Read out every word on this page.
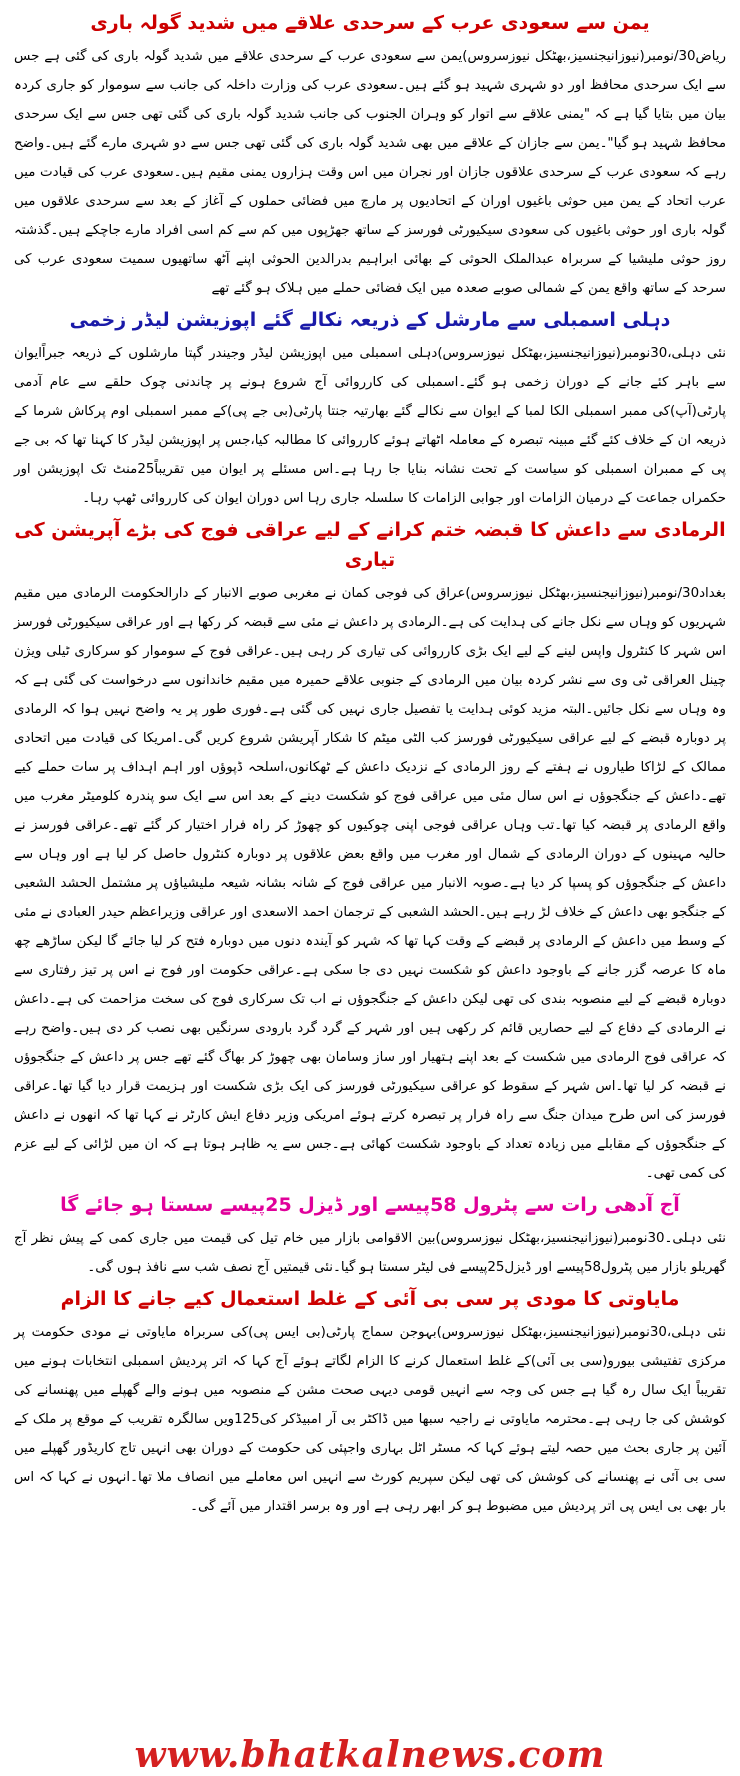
یمن سے سعودی عرب کے سرحدی علاقے میں شدید گولہ باری

ریاض30/نومبر(نیوزانیجنسیز،بھٹکل نیوزسروس)یمن سے سعودی عرب کے سرحدی علاقے میں شدید گولہ باری کی گئی ہے جس سے ایک سرحدی محافظ اور دو شہری شہید ہو گئے ہیں۔سعودی عرب کی وزارت داخلہ کی جانب سے سوموار کو جاری کردہ بیان میں بتایا گیا ہے کہ "یمنی علاقے سے اتوار کو وہران الجنوب کی جانب شدید گولہ باری کی گئی تھی جس سے ایک سرحدی محافظ شہید ہو گیا"۔یمن سے جازان کے علاقے میں بھی شدید گولہ باری کی گئی تھی جس سے دو شہری مارے گئے ہیں۔واضح رہے کہ سعودی عرب کے سرحدی علاقوں جازان اور نجران میں اس وقت ہزاروں یمنی مقیم ہیں۔سعودی عرب کی قیادت میں عرب اتحاد کے یمن میں حوثی باغیوں اوران کے اتحادیوں پر مارچ میں فضائی حملوں کے آغاز کے بعد سے سرحدی علاقوں میں گولہ باری اور حوثی باغیوں کی سعودی سیکیورٹی فورسز کے ساتھ جھڑپوں میں کم سے کم اسی افراد مارے جاچکے ہیں۔گذشتہ روز حوثی ملیشیا کے سربراہ عبدالملک الحوثی کے بھائی ابراہیم بدرالدین الحوثی اپنے آٹھ ساتھیوں سمیت سعودی عرب کی سرحد کے ساتھ واقع یمن کے شمالی صوبے صعدہ میں ایک فضائی حملے میں ہلاک ہو گئے تھے

دہلی اسمبلی سے مارشل کے ذریعہ نکالے گئے اپوزیشن لیڈر زخمی

نئی دہلی،30نومبر(نیوزانیجنسیز،بھٹکل نیوزسروس)دہلی اسمبلی میں اپوزیشن لیڈر وجیندر گپتا مارشلوں کے ذریعہ جبراًایوان سے باہر کئے جانے کے دوران زخمی ہو گئے۔اسمبلی کی کارروائی آج شروع ہونے پر چاندنی چوک حلقے سے عام آدمی پارٹی(آپ)کی ممبر اسمبلی الکا لمبا کے ایوان سے نکالے گئے بھارتیہ جنتا پارٹی(بی جے پی)کے ممبر اسمبلی اوم پرکاش شرما کے ذریعہ ان کے خلاف کئے گئے مبینہ تبصرہ کے معاملہ اٹھاتے ہوئے کارروائی کا مطالبہ کیا،جس پر اپوزیشن لیڈر کا کہنا تھا کہ بی جے پی کے ممبران اسمبلی کو سیاست کے تحت نشانہ بنایا جا رہا ہے۔اس مسئلے پر ایوان میں تقریباً25منٹ تک اپوزیشن اور حکمراں جماعت کے درمیان الزامات اور جوابی الزامات کا سلسلہ جاری رہا اس دوران ایوان کی کارروائی ٹھپ رہا۔

الرمادی سے داعش کا قبضہ ختم کرانے کے لیے عراقی فوج کی بڑے آپریشن کی تیاری

بغداد30/نومبر(نیوزانیجنسیز،بھٹکل نیوزسروس)عراق کی فوجی کمان نے مغربی صوبے الانبار کے دارالحکومت الرمادی میں مقیم شہریوں کو وہاں سے نکل جانے کی ہدایت کی ہے۔الرمادی پر داعش نے مئی سے قبضہ کر رکھا ہے اور عراقی سیکیورٹی فورسز اس شہر کا کنٹرول واپس لینے کے لیے ایک بڑی کارروائی کی تیاری کر رہی ہیں۔عراقی فوج کے سوموار کو سرکاری ٹیلی ویژن چینل العراقی ٹی وی سے نشر کردہ بیان میں الرمادی کے جنوبی علاقے حمیرہ میں مقیم خاندانوں سے درخواست کی گئی ہے کہ وہ وہاں سے نکل جائیں۔البتہ مزید کوئی ہدایت یا تفصیل جاری نہیں کی گئی ہے۔فوری طور پر یہ واضح نہیں ہوا کہ الرمادی پر دوبارہ قبضے کے لیے عراقی سیکیورٹی فورسز کب الٹی میٹم کا شکار آپریشن شروع کریں گی۔امریکا کی قیادت میں اتحادی ممالک کے لڑاکا طیاروں نے ہفتے کے روز الرمادی کے نزدیک داعش کے ٹھکانوں،اسلحہ ڈپوؤں اور اہم اہداف پر سات حملے کیے تھے۔داعش کے جنگجوؤں نے اس سال مئی میں عراقی فوج کو شکست دینے کے بعد اس سے ایک سو پندرہ کلومیٹر مغرب میں واقع الرمادی پر قبضہ کیا تھا۔تب وہاں عراقی فوجی اپنی چوکیوں کو چھوڑ کر راہ فرار اختیار کر گئے تھے۔عراقی فورسز نے حالیہ مہینوں کے دوران الرمادی کے شمال اور مغرب میں واقع بعض علاقوں پر دوبارہ کنٹرول حاصل کر لیا ہے اور وہاں سے داعش کے جنگجوؤں کو پسپا کر دیا ہے۔صوبہ الانبار میں عراقی فوج کے شانہ بشانہ شیعہ ملیشیاؤں پر مشتمل الحشد الشعبی کے جنگجو بھی داعش کے خلاف لڑ رہے ہیں۔الحشد الشعبی کے ترجمان احمد الاسعدی اور عراقی وزیراعظم حیدر العبادی نے مئی کے وسط میں داعش کے الرمادی پر قبضے کے وقت کہا تھا کہ شہر کو آیندہ دنوں میں دوبارہ فتح کر لیا جائے گا لیکن ساڑھے چھ ماہ کا عرصہ گزر جانے کے باوجود داعش کو شکست نہیں دی جا سکی ہے۔عراقی حکومت اور فوج نے اس پر تیز رفتاری سے دوبارہ قبضے کے لیے منصوبہ بندی کی تھی لیکن داعش کے جنگجوؤں نے اب تک سرکاری فوج کی سخت مزاحمت کی ہے۔داعش نے الرمادی کے دفاع کے لیے حصاریں قائم کر رکھی ہیں اور شہر کے گرد گرد بارودی سرنگیں بھی نصب کر دی ہیں۔واضح رہے کہ عراقی فوج الرمادی میں شکست کے بعد اپنے ہتھیار اور ساز وسامان بھی چھوڑ کر بھاگ گئے تھے جس پر داعش کے جنگجوؤں نے قبضہ کر لیا تھا۔اس شہر کے سقوط کو عراقی سیکیورٹی فورسز کی ایک بڑی شکست اور ہزیمت قرار دیا گیا تھا۔عراقی فورسز کی اس طرح میدان جنگ سے راہ فرار پر تبصرہ کرتے ہوئے امریکی وزیر دفاع ایش کارٹر نے کہا تھا کہ انھوں نے داعش کے جنگجوؤں کے مقابلے میں زیادہ تعداد کے باوجود شکست کھائی ہے۔جس سے یہ ظاہر ہوتا ہے کہ ان میں لڑائی کے لیے عزم کی کمی تھی۔

آج آدھی رات سے پٹرول 58پیسے اور ڈیزل 25پیسے سستا ہو جائے گا

نئی دہلی۔30نومبر(نیوزانیجنسیز،بھٹکل نیوزسروس)بین الاقوامی بازار میں خام تیل کی قیمت میں جاری کمی کے پیش نظر آج گھریلو بازار میں پٹرول58پیسے اور ڈیزل25پیسے فی لیٹر سستا ہو گیا۔نئی قیمتیں آج نصف شب سے نافذ ہوں گی۔

مایاوتی کا مودی پر سی بی آئی کے غلط استعمال کیے جانے کا الزام

نئی دہلی،30نومبر(نیوزانیجنسیز،بھٹکل نیوزسروس)بہوجن سماج پارٹی(بی ایس پی)کی سربراہ مایاوتی نے مودی حکومت پر مرکزی تفتیشی بیورو(سی بی آئی)کے غلط استعمال کرنے کا الزام لگاتے ہوئے آج کہا کہ اتر پردیش اسمبلی انتخابات ہونے میں تقریباً ایک سال رہ گیا ہے جس کی وجہ سے انہیں قومی دیہی صحت مشن کے منصوبہ میں ہونے والے گھپلے میں پھنسانے کی کوشش کی جا رہی ہے۔محترمہ مایاوتی نے راجیہ سبھا میں ڈاکٹر بی آر امبیڈکر کی125ویں سالگرہ تقریب کے موقع پر ملک کے آئین پر جاری بحث میں حصہ لیتے ہوئے کہا کہ مسٹر اٹل بہاری واجپئی کی حکومت کے دوران بھی انہیں تاج کاریڈور گھپلے میں سی بی آئی نے پھنسانے کی کوشش کی تھی لیکن سپریم کورٹ سے انہیں اس معاملے میں انصاف ملا تھا۔انہوں نے کہا کہ اس بار بھی بی ایس پی اتر پردیش میں مضبوط ہو کر ابھر رہی ہے اور وہ برسر اقتدار میں آئے گی۔

www.bhatkalnews.com
